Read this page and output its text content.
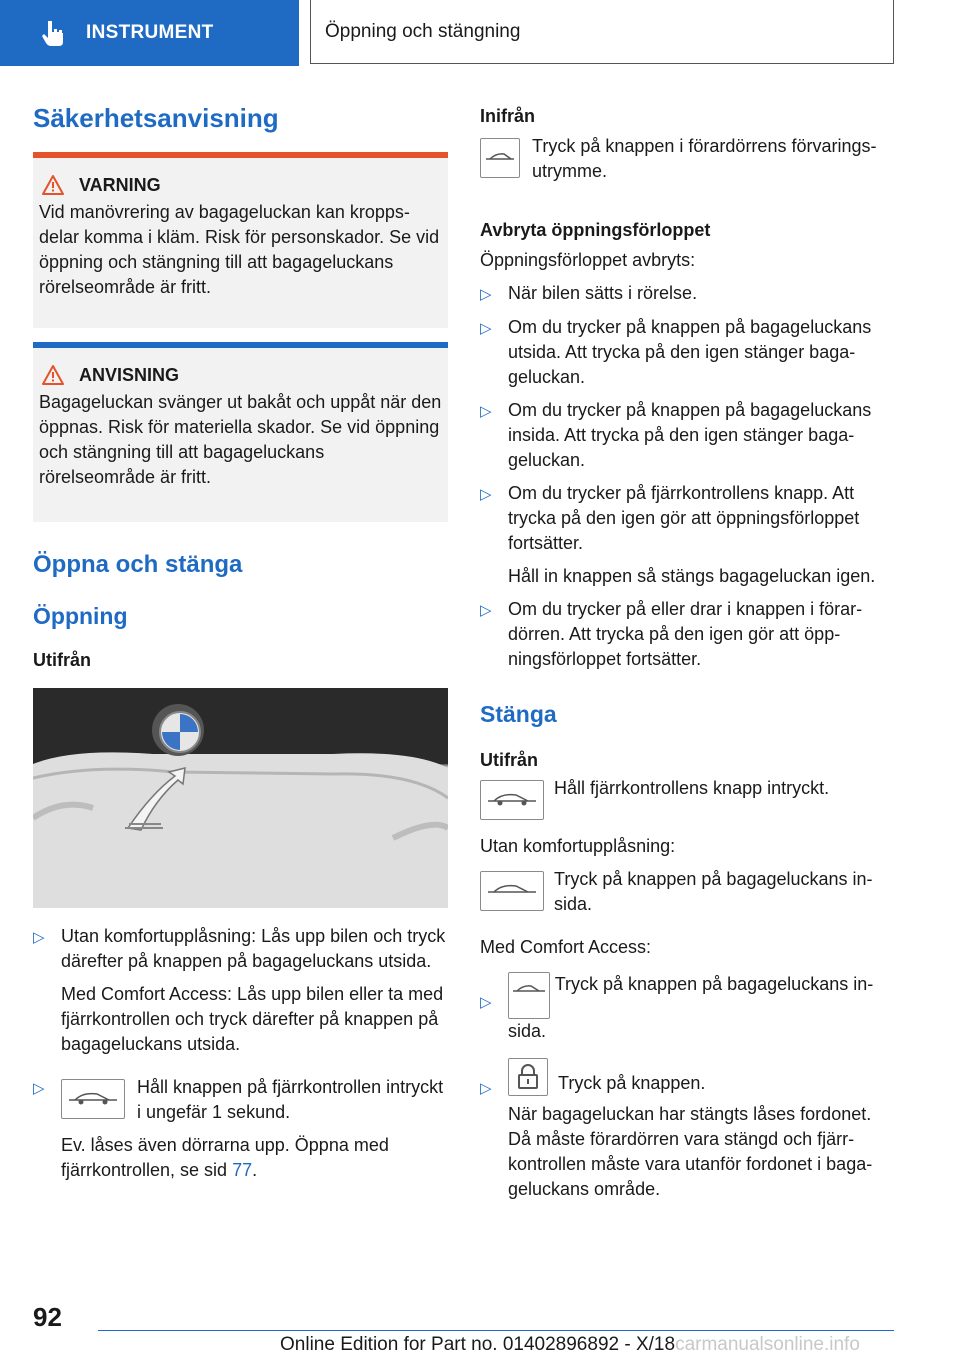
INSTRUMENT	Öppning och stängning
Säkerhetsanvisning
VARNING

Vid manövrering av bagageluckan kan kroppsdelar komma i kläm. Risk för personskador. Se vid öppning och stängning till att bagageluckans rörelseområde är fritt.

ANVISNING

Bagageluckan svänger ut bakåt och uppåt när den öppnas. Risk för materiella skador. Se vid öppning och stängning till att bagageluckans rörelseområde är fritt.

Öppna och stänga
Öppning
Utifrån
▷ Utan komfortupplåsning: Lås upp bilen och tryck därefter på knappen på bagageluckans utsida.

Med Comfort Access: Lås upp bilen eller ta med fjärrkontrollen och tryck därefter på knappen på bagageluckans utsida.

▷	Håll knappen på fjärrkontrollen intryckt i ungefär 1 sekund.

Ev. låses även dörrarna upp. Öppna med fjärrkontrollen, se sid 77.

Inifrån

Tryck på knappen i förardörrens förvaringsutrymme.

Avbryta öppningsförloppet

Öppningsförloppet avbryts:

▷ När bilen sätts i rörelse.

▷ Om du trycker på knappen på bagageluckans utsida. Att trycka på den igen stänger bagageluckan.

▷ Om du trycker på knappen på bagageluckans insida. Att trycka på den igen stänger bagageluckan.

▷ Om du trycker på fjärrkontrollens knapp. Att trycka på den igen gör att öppningsförloppet fortsätter.

Håll in knappen så stängs bagageluckan igen.

▷ Om du trycker på eller drar i knappen i förardörren. Att trycka på den igen gör att öppningsförloppet fortsätter.

Stänga
Utifrån

Håll fjärrkontrollens knapp intryckt.

Utan komfortupplåsning:

Tryck på knappen på bagageluckans insida.

Med Comfort Access:

▷
Tryck på knappen på bagageluckans insida.
▷	Tryck på knappen.

När bagageluckan har stängts låses fordonet. Då måste förardörren vara stängd och fjärrkontrollen måste vara utanför fordonet i bagageluckans område.

92
Online Edition for Part no. 01402896892 - X/18carmanualsonline.info
